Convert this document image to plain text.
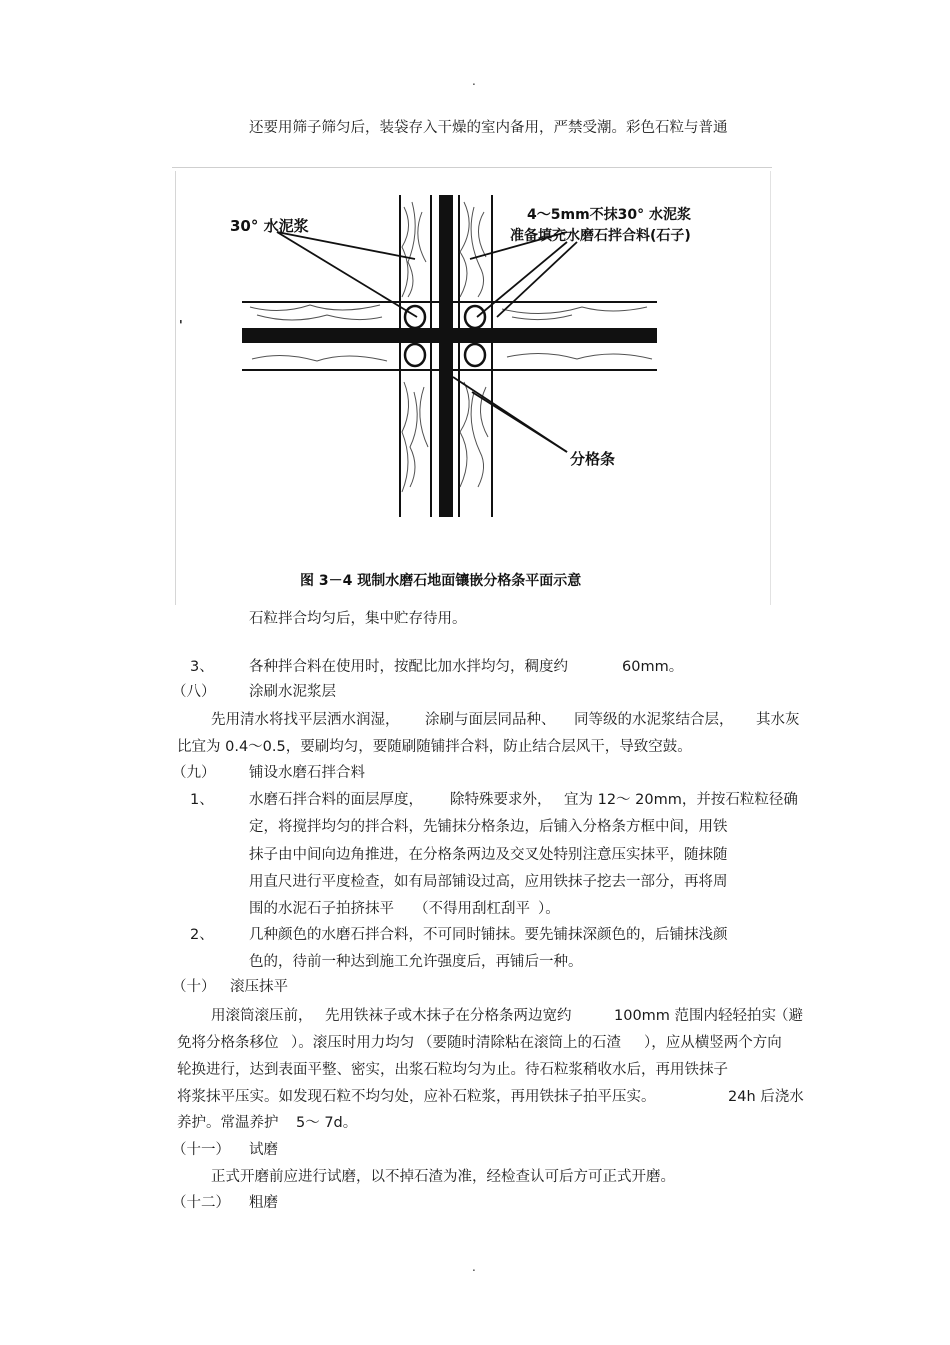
.
还要用筛子筛匀后，装袋存入干燥的室内备用，严禁受潮。彩色石粒与普通
30° 水泥浆
4～5mm不抹30° 水泥浆
准备填充水磨石拌合料(石子)
分格条
'
图 3－4 现制水磨石地面镶嵌分格条平面示意
石粒拌合均匀后，集中贮存待用。
3、 各种拌合料在使用时，按配比加水拌均匀，稠度约	60mm。
（八） 涂刷水泥浆层
先用清水将找平层洒水润湿， 涂刷与面层同品种、 同等级的水泥浆结合层， 其水灰
比宜为 0.4～0.5，要刷均匀，要随刷随铺拌合料，防止结合层风干，导致空鼓。
（九） 铺设水磨石拌合料
1、 水磨石拌合料的面层厚度， 除特殊要求外， 宜为 12～ 20mm，并按石粒粒径确
定，将搅拌均匀的拌合料，先铺抹分格条边，后铺入分格条方框中间，用铁
抹子由中间向边角推进，在分格条两边及交叉处特别注意压实抹平，随抹随
用直尺进行平度检查，如有局部铺设过高，应用铁抹子挖去一部分，再将周
围的水泥石子拍挤抹平 （不得用刮杠刮平 ）。
2、 几种颜色的水磨石拌合料，不可同时铺抹。要先铺抹深颜色的，后铺抹浅颜
色的，待前一种达到施工允许强度后，再铺后一种。
（十） 滚压抹平
用滚筒滚压前， 先用铁袜子或木抹子在分格条两边宽约	100mm 范围内轻轻拍实
（避
免将分格条移位 ）。滚压时用力均匀 （要随时清除粘在滚筒上的石渣 ），应从横竖两个方向
轮换进行，达到表面平整、密实，出浆石粒均匀为止。待石粒浆稍收水后，再用铁抹子
将浆抹平压实。如发现石粒不均匀处，应补石粒浆，再用铁抹子拍平压实。	24h 后浇水
养护。常温养护 5～ 7d。
（十一） 试磨
正式开磨前应进行试磨，以不掉石渣为准，经检查认可后方可正式开磨。
（十二） 粗磨
.
